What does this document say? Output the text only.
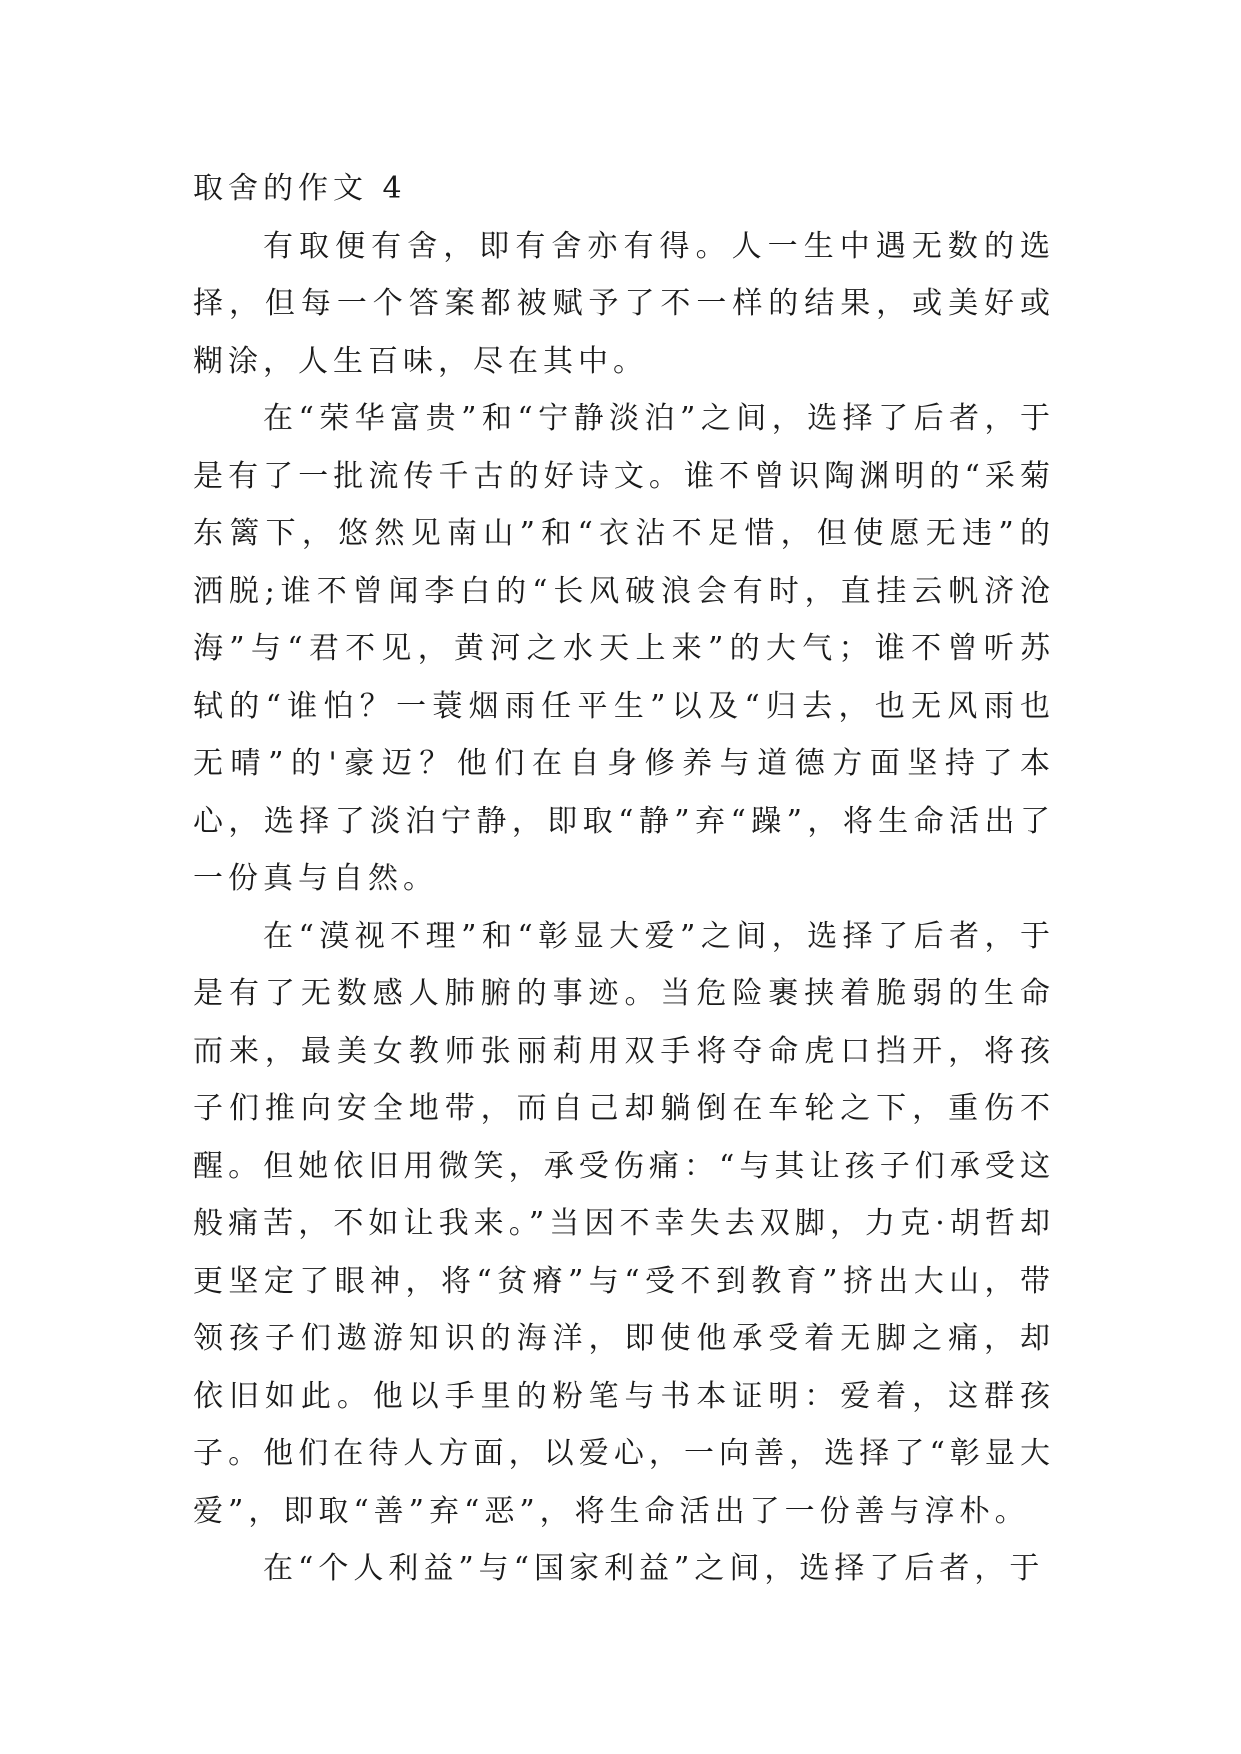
取舍的作文 4

有取便有舍，即有舍亦有得。人一生中遇无数的选择，但每一个答案都被赋予了不一样的结果，或美好或糊涂，人生百味，尽在其中。

在“荣华富贵”和“宁静淡泊”之间，选择了后者，于是有了一批流传千古的好诗文。谁不曾识陶渊明的“采菊东篱下，悠然见南山”和“衣沾不足惜，但使愿无违”的洒脱;谁不曾闻李白的“长风破浪会有时，直挂云帆济沧海”与“君不见，黄河之水天上来”的大气；谁不曾听苏轼的“谁怕？一蓑烟雨任平生”以及“归去，也无风雨也无晴”的'豪迈？他们在自身修养与道德方面坚持了本心，选择了淡泊宁静，即取“静”弃“躁”，将生命活出了一份真与自然。

在“漠视不理”和“彰显大爱”之间，选择了后者，于是有了无数感人肺腑的事迹。当危险裹挟着脆弱的生命而来，最美女教师张丽莉用双手将夺命虎口挡开，将孩子们推向安全地带，而自己却躺倒在车轮之下，重伤不醒。但她依旧用微笑，承受伤痛：“与其让孩子们承受这般痛苦，不如让我来。”当因不幸失去双脚，力克·胡哲却更坚定了眼神，将“贫瘠”与“受不到教育”挤出大山，带领孩子们遨游知识的海洋，即使他承受着无脚之痛，却依旧如此。他以手里的粉笔与书本证明：爱着，这群孩子。他们在待人方面，以爱心，一向善，选择了“彰显大爱”，即取“善”弃“恶”，将生命活出了一份善与淳朴。

在“个人利益”与“国家利益”之间，选择了后者，于
